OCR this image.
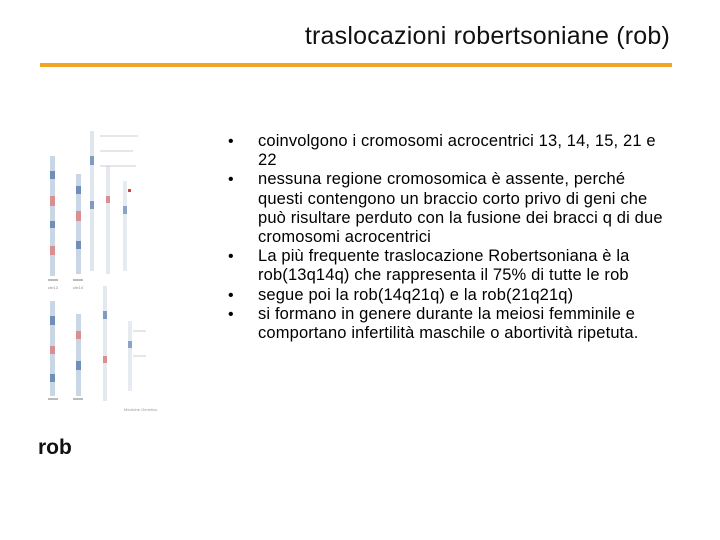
traslocazioni robertsoniane (rob)
chr13	chr14
Medicine Genetics
rob
• coinvolgono i cromosomi acrocentrici 13, 14, 15, 21 e 22
• nessuna regione cromosomica è assente, perché questi contengono un braccio corto privo di geni che può risultare perduto con la fusione dei bracci q di due cromosomi acrocentrici
• La più frequente traslocazione Robertsoniana è la rob(13q14q) che rappresenta il 75% di tutte le rob
• segue poi la rob(14q21q) e la rob(21q21q)
• si formano in genere durante la meiosi femminile e comportano infertilità maschile o abortività ripetuta.
